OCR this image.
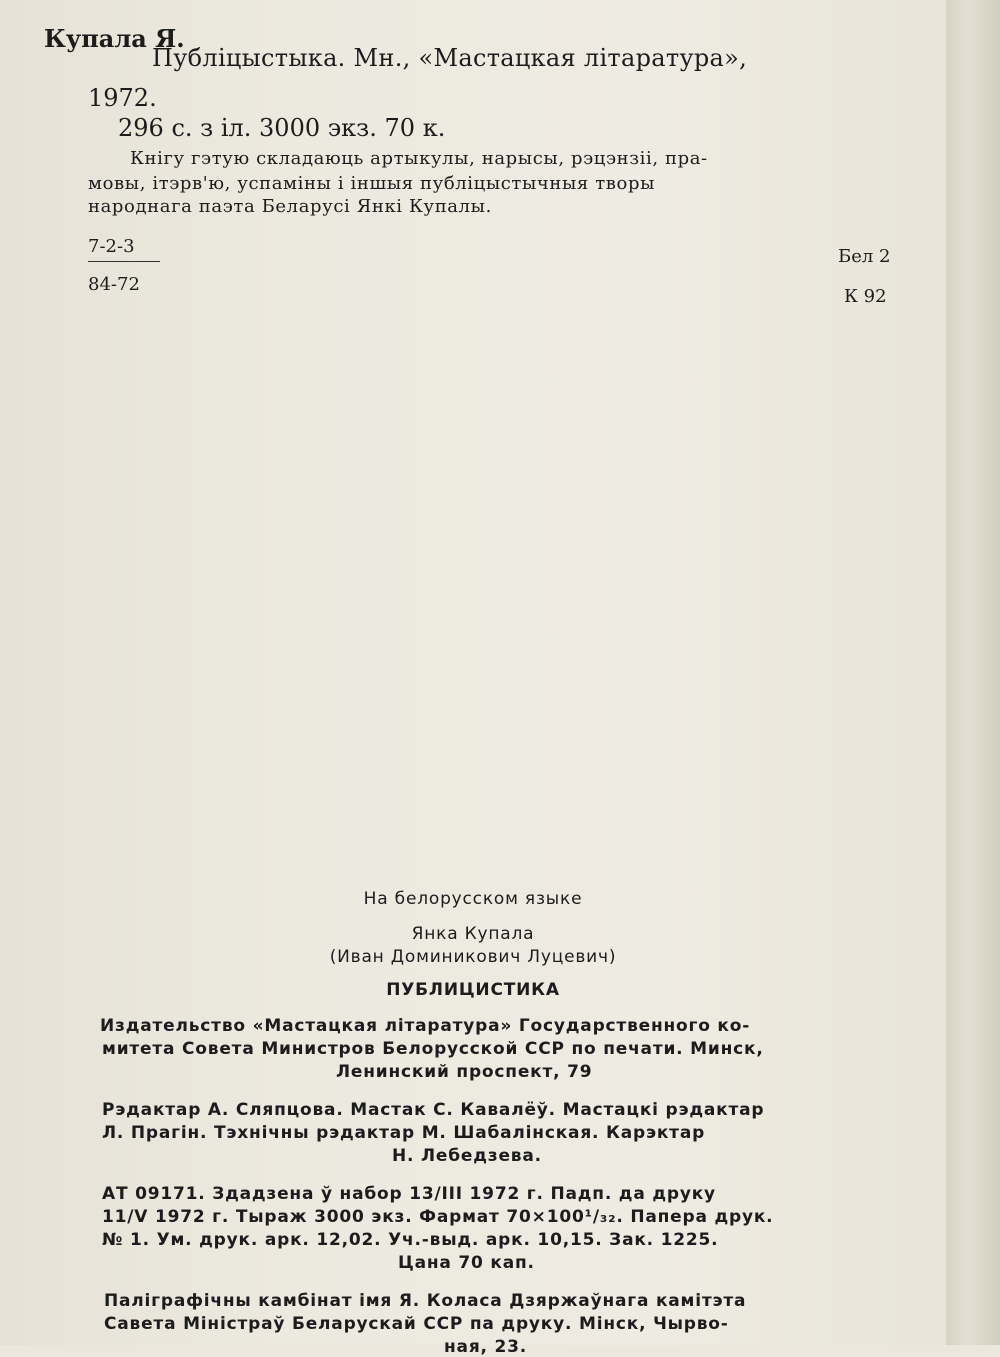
Купала Я.
Публіцыстыка. Мн., «Мастацкая літаратура»,
1972.
296 с. з іл. 3000 экз. 70 к.
Кнігу гэтую складаюць артыкулы, нарысы, рэцэнзіі, пра-
мовы, ітэрв'ю, успаміны і іншыя публіцыстычныя творы
народнага паэта Беларусі Янкі Купалы.
7-2-3
84-72
Бел 2
К 92
На белорусском языке
Янка Купала
(Иван Доминикович Луцевич)
ПУБЛИЦИСТИКА
Издательство «Мастацкая літаратура» Государственного ко-
митета Совета Министров Белорусской ССР по печати. Минск,
Ленинский проспект, 79
Рэдактар А. Сляпцова. Мастак С. Кавалёў. Мастацкі рэдактар
Л. Прагін. Тэхнічны рэдактар М. Шабалінская. Карэктар
Н. Лебедзева.
АТ 09171. Здадзена ў набор 13/ІІІ 1972 г. Падп. да друку
11/V 1972 г. Тыраж 3000 экз. Фармат 70×100¹/₃₂. Папера друк.
№ 1. Ум. друк. арк. 12,02. Уч.-выд. арк. 10,15. Зак. 1225.
Цана 70 кап.
Паліграфічны камбінат імя Я. Коласа Дзяржаўнага камітэта
Савета Міністраў Беларускай ССР па друку. Мінск, Чырво-
ная, 23.
